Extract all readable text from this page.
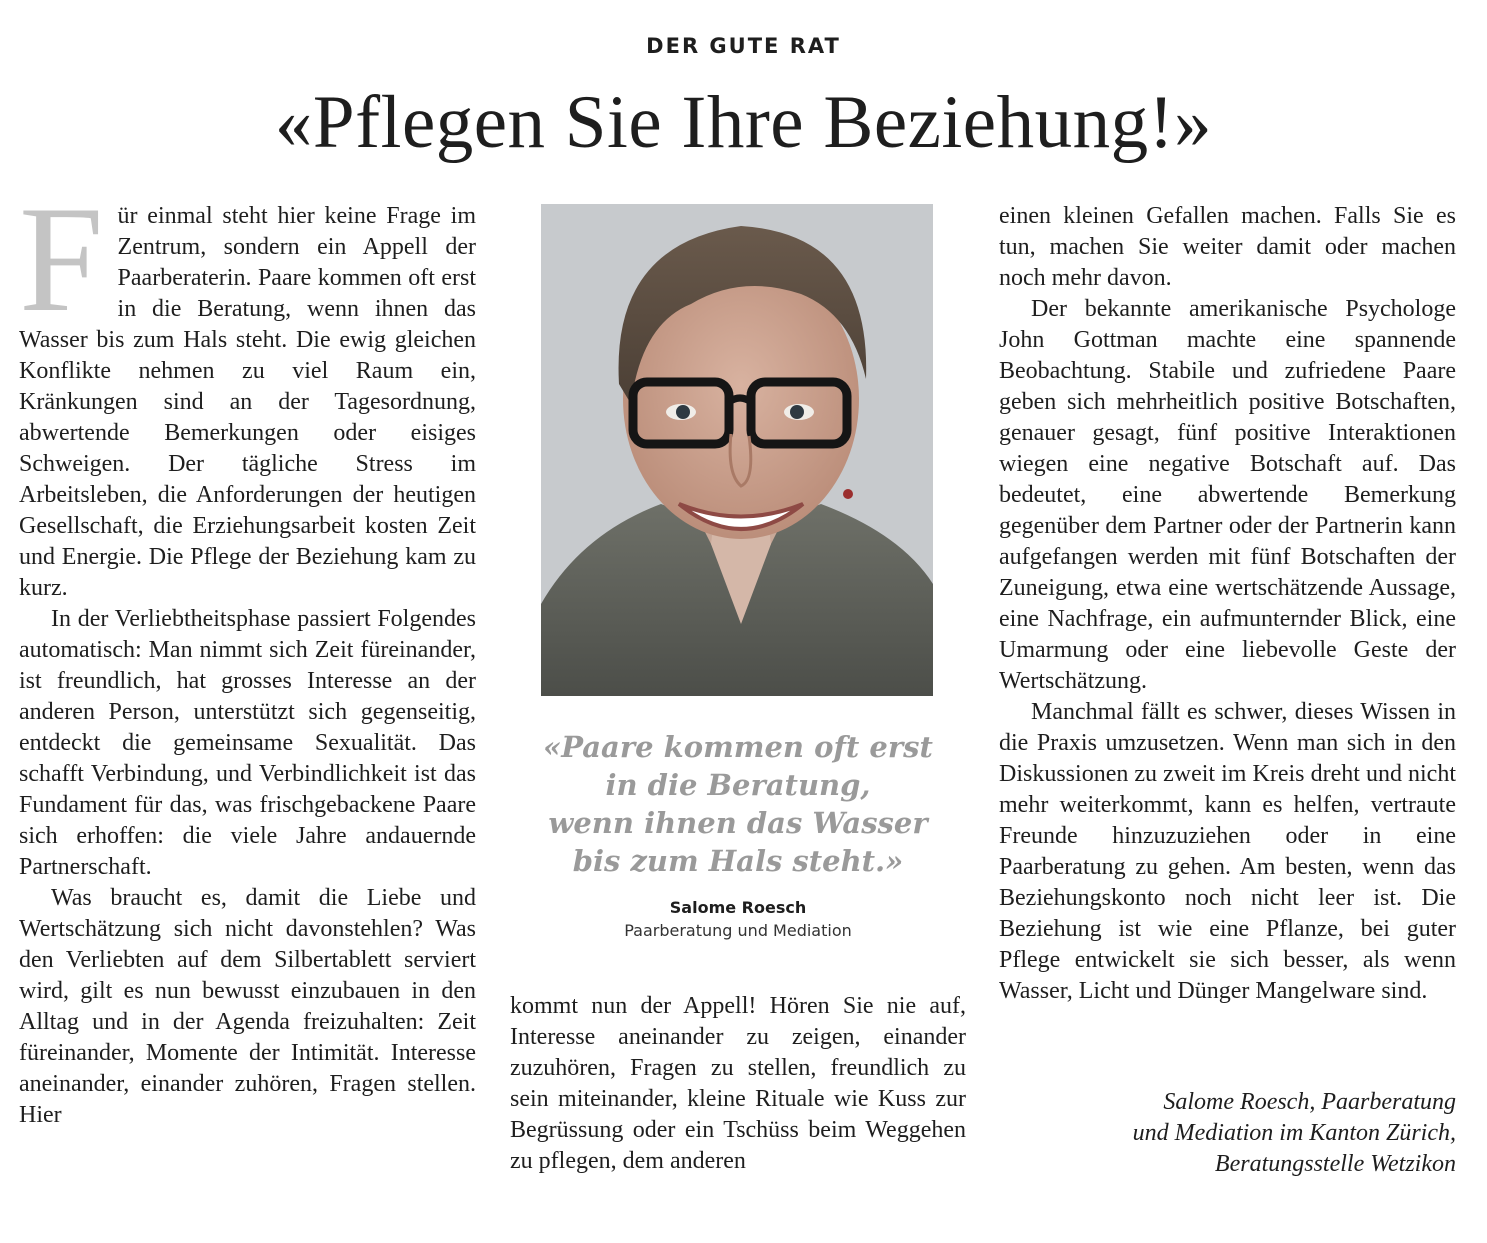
DER GUTE RAT
«Pflegen Sie Ihre Beziehung!»
F ür einmal steht hier keine Frage im Zentrum, sondern ein Appell der Paarberaterin. Paare kommen oft erst in die Beratung, wenn ihnen das Wasser bis zum Hals steht. Die ewig gleichen Konflikte nehmen zu viel Raum ein, Kränkungen sind an der Tagesordnung, abwertende Bemerkungen oder eisiges Schweigen. Der tägliche Stress im Arbeitsleben, die Anforderungen der heutigen Gesellschaft, die Erziehungsarbeit kosten Zeit und Energie. Die Pflege der Beziehung kam zu kurz.

In der Verliebtheitsphase passiert Folgendes automatisch: Man nimmt sich Zeit füreinander, ist freundlich, hat grosses Interesse an der anderen Person, unterstützt sich gegenseitig, entdeckt die gemeinsame Sexualität. Das schafft Verbindung, und Verbindlichkeit ist das Fundament für das, was frischgebackene Paare sich erhoffen: die viele Jahre andauernde Partnerschaft.

Was braucht es, damit die Liebe und Wertschätzung sich nicht davonstehlen? Was den Verliebten auf dem Silbertablett serviert wird, gilt es nun bewusst einzubauen in den Alltag und in der Agenda freizuhalten: Zeit füreinander, Momente der Intimität. Interesse aneinander, einander zuhören, Fragen stellen. Hier

«Paare kommen oft erst
in die Beratung,
wenn ihnen das Wasser
bis zum Hals steht.»
Salome Roesch
Paarberatung und Mediation

kommt nun der Appell! Hören Sie nie auf, Interesse aneinander zu zeigen, einander zuzuhören, Fragen zu stellen, freundlich zu sein miteinander, kleine Rituale wie Kuss zur Begrüssung oder ein Tschüss beim Weggehen zu pflegen, dem anderen

einen kleinen Gefallen machen. Falls Sie es tun, machen Sie weiter damit oder machen noch mehr davon.

Der bekannte amerikanische Psychologe John Gottman machte eine spannende Beobachtung. Stabile und zufriedene Paare geben sich mehrheitlich positive Botschaften, genauer gesagt, fünf positive Interaktionen wiegen eine negative Botschaft auf. Das bedeutet, eine abwertende Bemerkung gegenüber dem Partner oder der Partnerin kann aufgefangen werden mit fünf Botschaften der Zuneigung, etwa eine wertschätzende Aussage, eine Nachfrage, ein aufmunternder Blick, eine Umarmung oder eine liebevolle Geste der Wertschätzung.

Manchmal fällt es schwer, dieses Wissen in die Praxis umzusetzen. Wenn man sich in den Diskussionen zu zweit im Kreis dreht und nicht mehr weiterkommt, kann es helfen, vertraute Freunde hinzuzuziehen oder in eine Paarberatung zu gehen. Am besten, wenn das Beziehungskonto noch nicht leer ist. Die Beziehung ist wie eine Pflanze, bei guter Pflege entwickelt sie sich besser, als wenn Wasser, Licht und Dünger Mangelware sind.

Salome Roesch, Paarberatung
und Mediation im Kanton Zürich,
Beratungsstelle Wetzikon
